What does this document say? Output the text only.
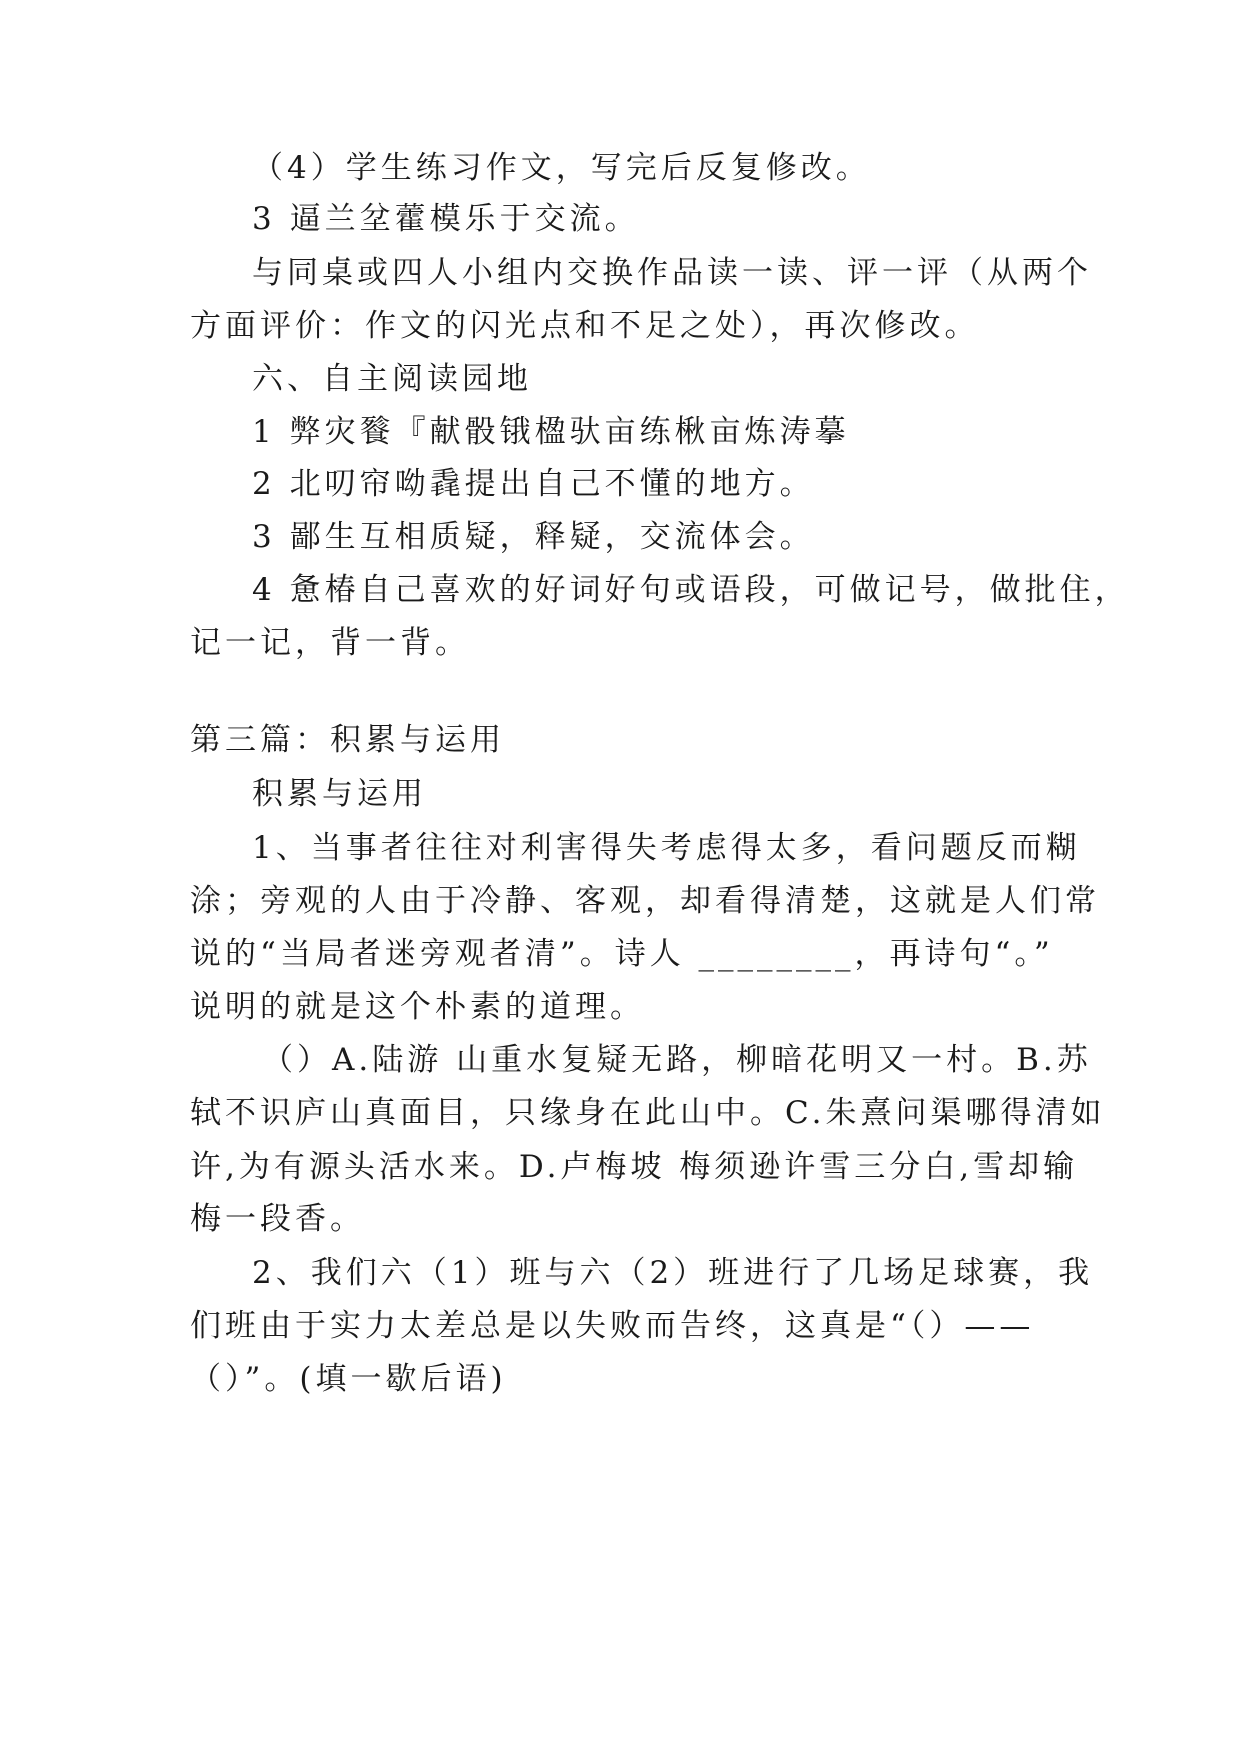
（4）学生练习作文，写完后反复修改。
3 逼兰坌藿模乐于交流。
与同桌或四人小组内交换作品读一读、评一评（从两个
方面评价：作文的闪光点和不足之处），再次修改。
六、自主阅读园地
1 弊灾餮『献骰锇楹驮亩练楸亩炼涛摹
2 北叨帘呦毳提出自己不懂的地方。
3 鄙生互相质疑，释疑，交流体会。
4 惫椿自己喜欢的好词好句或语段，可做记号，做批住，
记一记，背一背。
第三篇：积累与运用
积累与运用
1、当事者往往对利害得失考虑得太多，看问题反而糊
涂；旁观的人由于冷静、客观，却看得清楚，这就是人们常
说的“当局者迷旁观者清”。诗人 ________，再诗句“。”
说明的就是这个朴素的道理。
（）A.陆游 山重水复疑无路，柳暗花明又一村。B.苏
轼不识庐山真面目，只缘身在此山中。C.朱熹问渠哪得清如
许,为有源头活水来。D.卢梅坡 梅须逊许雪三分白,雪却输
梅一段香。
2、我们六（1）班与六（2）班进行了几场足球赛，我
们班由于实力太差总是以失败而告终，这真是“（）——
（）”。(填一歇后语)
